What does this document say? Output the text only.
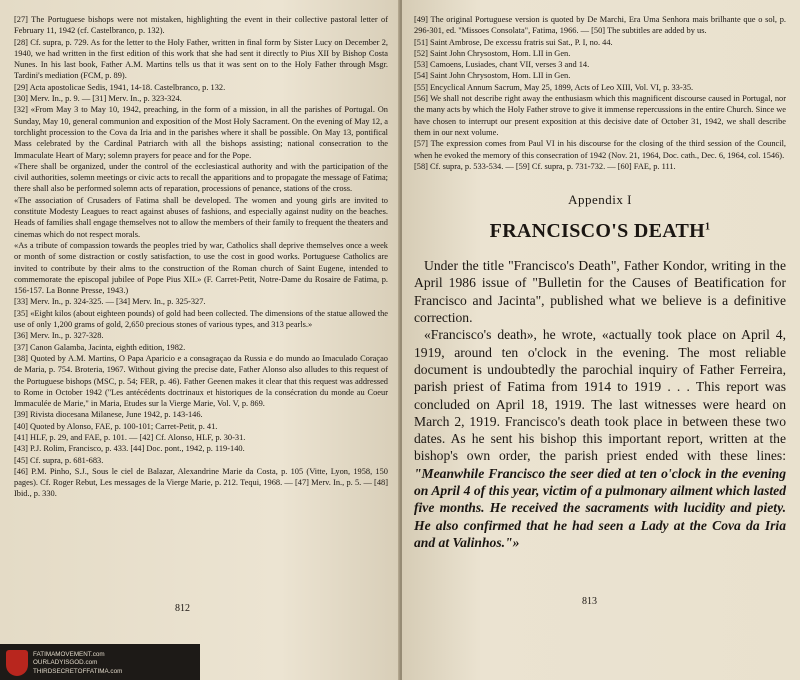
[27] The Portuguese bishops were not mistaken, highlighting the event in their collective pastoral letter of February 11, 1942 (cf. Castelbranco, p. 132).

[28] Cf. supra, p. 729. As for the letter to the Holy Father, written in final form by Sister Lucy on December 2, 1940, we had written in the first edition of this work that she had sent it directly to Pius XII by Bishop Costa Nunes. In his last book, Father A.M. Martins tells us that it was sent on to the Holy Father through Msgr. Tardini's mediation (FCM, p. 89).

[29] Acta apostolicae Sedis, 1941, 14-18. Castelbranco, p. 132.

[30] Merv. In., p. 9. — [31] Merv. In., p. 323-324.

[32] «From May 3 to May 10, 1942, preaching, in the form of a mission, in all the parishes of Portugal. On Sunday, May 10, general communion and exposition of the Most Holy Sacrament. On the evening of May 12, a torchlight procession to the Cova da Iria and in the parishes where it shall be possible. On May 13, pontifical Mass celebrated by the Cardinal Patriarch with all the bishops assisting; national consecration to the Immaculate Heart of Mary; solemn prayers for peace and for the Pope.

«There shall be organized, under the control of the ecclesiastical authority and with the participation of the civil authorities, solemn meetings or civic acts to recall the apparitions and to propagate the message of Fatima; there shall also be performed solemn acts of reparation, processions of penance, stations of the cross.

«The association of Crusaders of Fatima shall be developed. The women and young girls are invited to constitute Modesty Leagues to react against abuses of fashions, and especially against nudity on the beaches. Heads of families shall engage themselves not to allow the members of their family to frequent the theaters and cinemas which do not respect morals.

«As a tribute of compassion towards the peoples tried by war, Catholics shall deprive themselves once a week or month of some distraction or costly satisfaction, to use the cost in good works. Portuguese Catholics are invited to contribute by their alms to the construction of the Roman church of Saint Eugene, intended to commemorate the episcopal jubilee of Pope Pius XII.» (F. Carret-Petit, Notre-Dame du Rosaire de Fatima, p. 156-157. La Bonne Presse, 1943.)

[33] Merv. In., p. 324-325. — [34] Merv. In., p. 325-327.

[35] «Eight kilos (about eighteen pounds) of gold had been collected. The dimensions of the statue allowed the use of only 1,200 grams of gold, 2,650 precious stones of various types, and 313 pearls.»

[36] Merv. In., p. 327-328.

[37] Canon Galamba, Jacinta, eighth edition, 1982.

[38] Quoted by A.M. Martins, O Papa Aparicio e a consagraçao da Russia e do mundo ao Imaculado Coraçao de Maria, p. 754. Broteria, 1967. Without giving the precise date, Father Alonso also alludes to this request of the Portuguese bishops (MSC, p. 54; FER, p. 46). Father Geenen makes it clear that this request was addressed to Rome in October 1942 ("Les antécédents doctrinaux et historiques de la consécration du monde au Coeur Immaculée de Marie," in Maria, Etudes sur la Vierge Marie, Vol. V, p. 869.

[39] Rivista diocesana Milanese, June 1942, p. 143-146.

[40] Quoted by Alonso, FAE, p. 100-101; Carret-Petit, p. 41.

[41] HLF, p. 29, and FAE, p. 101. — [42] Cf. Alonso, HLF, p. 30-31.

[43] P.J. Rolim, Francisco, p. 433. [44] Doc. pont., 1942, p. 119-140.

[45] Cf. supra, p. 681-683.

[46] P.M. Pinho, S.J., Sous le ciel de Balazar, Alexandrine Marie da Costa, p. 105 (Vitte, Lyon, 1958, 150 pages). Cf. Roger Rebut, Les messages de la Vierge Marie, p. 212. Tequi, 1968. — [47] Merv. In., p. 5. — [48] Ibid., p. 330.

812

[49] The original Portuguese version is quoted by De Marchi, Era Uma Senhora mais brilhante que o sol, p. 296-301, ed. "Missoes Consolata", Fatima, 1966. — [50] The subtitles are added by us.

[51] Saint Ambrose, De excessu fratris sui Sat., P. I, no. 44.

[52] Saint John Chrysostom, Hom. LII in Gen.

[53] Camoens, Lusiades, chant VII, verses 3 and 14.

[54] Saint John Chrysostom, Hom. LII in Gen.

[55] Encyclical Annum Sacrum, May 25, 1899, Acts of Leo XIII, Vol. VI, p. 33-35.

[56] We shall not describe right away the enthusiasm which this magnificent discourse caused in Portugal, nor the many acts by which the Holy Father strove to give it immense repercussions in the entire Church. Since we have chosen to interrupt our present exposition at this decisive date of October 31, 1942, we shall describe them in our next volume.

[57] The expression comes from Paul VI in his discourse for the closing of the third session of the Council, when he evoked the memory of this consecration of 1942 (Nov. 21, 1964, Doc. cath., Dec. 6, 1964, col. 1546).

[58] Cf. supra, p. 533-534. — [59] Cf. supra, p. 731-732. — [60] FAE, p. 111.

Appendix I
FRANCISCO'S DEATH$^1$

Under the title "Francisco's Death", Father Kondor, writing in the April 1986 issue of "Bulletin for the Causes of Beatification for Francisco and Jacinta", published what we believe is a definitive correction.

«Francisco's death», he wrote, «actually took place on April 4, 1919, around ten o'clock in the evening. The most reliable document is undoubtedly the parochial inquiry of Father Ferreira, parish priest of Fatima from 1914 to 1919 . . . This report was concluded on April 18, 1919. The last witnesses were heard on March 2, 1919. Francisco's death took place in between these two dates. As he sent his bishop this important report, written at the bishop's own order, the parish priest ended with these lines: "Meanwhile Francisco the seer died at ten o'clock in the evening on April 4 of this year, victim of a pulmonary ailment which lasted five months. He received the sacraments with lucidity and piety. He also confirmed that he had seen a Lady at the Cova da Iria and at Valinhos."»

813
FATIMAMOVEMENT.com
OURLADYISGOD.com
THIRDSECRETOFFATIMA.com
